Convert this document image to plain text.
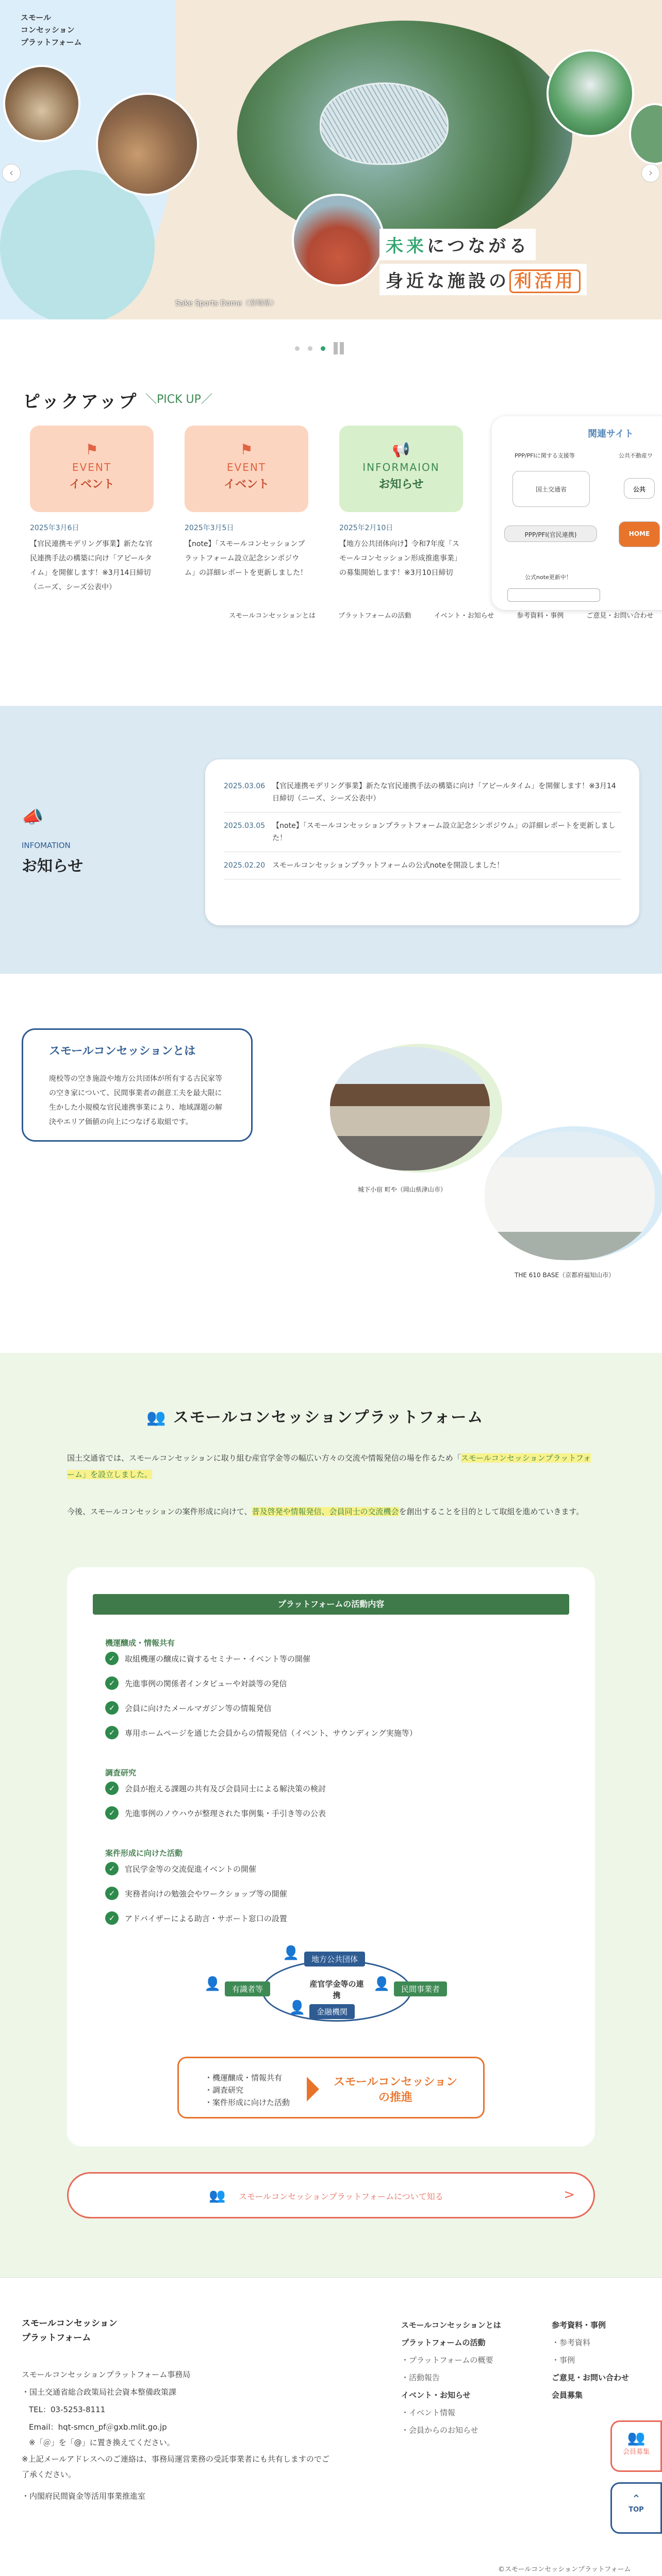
未来につながる
身近な施設の 利活用
Sake Sports Dome（宮崎県）
スモール
コンセッション
プラットフォーム
‹	›
ピックアップ ＼PICK UP／
⚑
EVENT
イベント
2025年3月6日
【官民連携モデリング事業】新たな官民連携手法の構築に向け「アピールタイム」を開催します！※3月14日締切（ニーズ、シーズ公表中）
⚑
EVENT
イベント
2025年3月5日
【note】「スモールコンセッションプラットフォーム設立記念シンポジウム」の詳細レポートを更新しました！
📢
INFORMAION
お知らせ
2025年2月10日
【地方公共団体向け】令和7年度「スモールコンセッション形成推進事業」の募集開始します！※3月10日締切
関連サイト
PPP/PFIに関する支援等	公共不動産ワ
国土交通省	公共
PPP/PFI(官民連携)	HOME
公式note更新中！
スモールコンセッションとは	プラットフォームの活動	イベント・お知らせ	参考資料・事例	ご意見・お問い合わせ
📣
INFOMATION
お知らせ
2025.03.06 【官民連携モデリング事業】新たな官民連携手法の構築に向け「アピールタイム」を開催します！※3月14日締切（ニーズ、シーズ公表中）
2025.03.05 【note】「スモールコンセッションプラットフォーム設立記念シンポジウム」の詳細レポートを更新しました！
2025.02.20 スモールコンセッションプラットフォームの公式noteを開設しました！
スモールコンセッションとは

廃校等の空き施設や地方公共団体が所有する古民家等の空き家について、民間事業者の創意工夫を最大限に生かした小規模な官民連携事業により、地域課題の解決やエリア価値の向上につなげる取組です。

城下小宿 町や（岡山県津山市）
THE 610 BASE（京都府福知山市）
👥 スモールコンセッションプラットフォーム
国土交通省では、スモールコンセッションに取り組む産官学金等の幅広い方々の交流や情報発信の場を作るため「スモールコンセッションプラットフォーム」を設立しました。
今後、スモールコンセッションの案件形成に向けて、普及啓発や情報発信、会員同士の交流機会を創出することを目的として取組を進めていきます。
プラットフォームの活動内容
機運醸成・情報共有
✓	取組機運の醸成に資するセミナー・イベント等の開催
✓	先進事例の関係者インタビューや対談等の発信
✓	会員に向けたメールマガジン等の情報発信
✓	専用ホームページを通じた会員からの情報発信（イベント、サウンディング実施等）
調査研究
✓	会員が抱える課題の共有及び会員同士による解決策の検討
✓	先進事例のノウハウが整理された事例集・手引き等の公表
案件形成に向けた活動
✓	官民学金等の交流促進イベントの開催
✓	実務者向けの勉強会やワークショップ等の開催
✓	アドバイザーによる助言・サポート窓口の設置
地方公共団体
有識者等	民間事業者
金融機関
産官学金等の連携
👤
👤
👤
👤
・機運醸成・情報共有
・調査研究
・案件形成に向けた活動
スモールコンセッションの推進
👥 スモールコンセッションプラットフォームについて知る	>
スモールコンセッション
プラットフォーム
スモールコンセッションプラットフォーム事務局
・国土交通省総合政策局社会資本整備政策課
TEL：03-5253-8111
Email：hqt-smcn_pf＠gxb.mlit.go.jp
※「＠」を「@」に置き換えてください。
※上記メールアドレスへのご連絡は、事務局運営業務の受託事業者にも共有しますのでご了承ください。
・内閣府民間資金等活用事業推進室
スモールコンセッションとは
プラットフォームの活動
・プラットフォームの概要
・活動報告
イベント・お知らせ
・イベント情報
・会員からのお知らせ
参考資料・事例
・参考資料
・事例
ご意見・お問い合わせ
会員募集
👥
会員募集
⌃
TOP
©スモールコンセッションプラットフォーム
